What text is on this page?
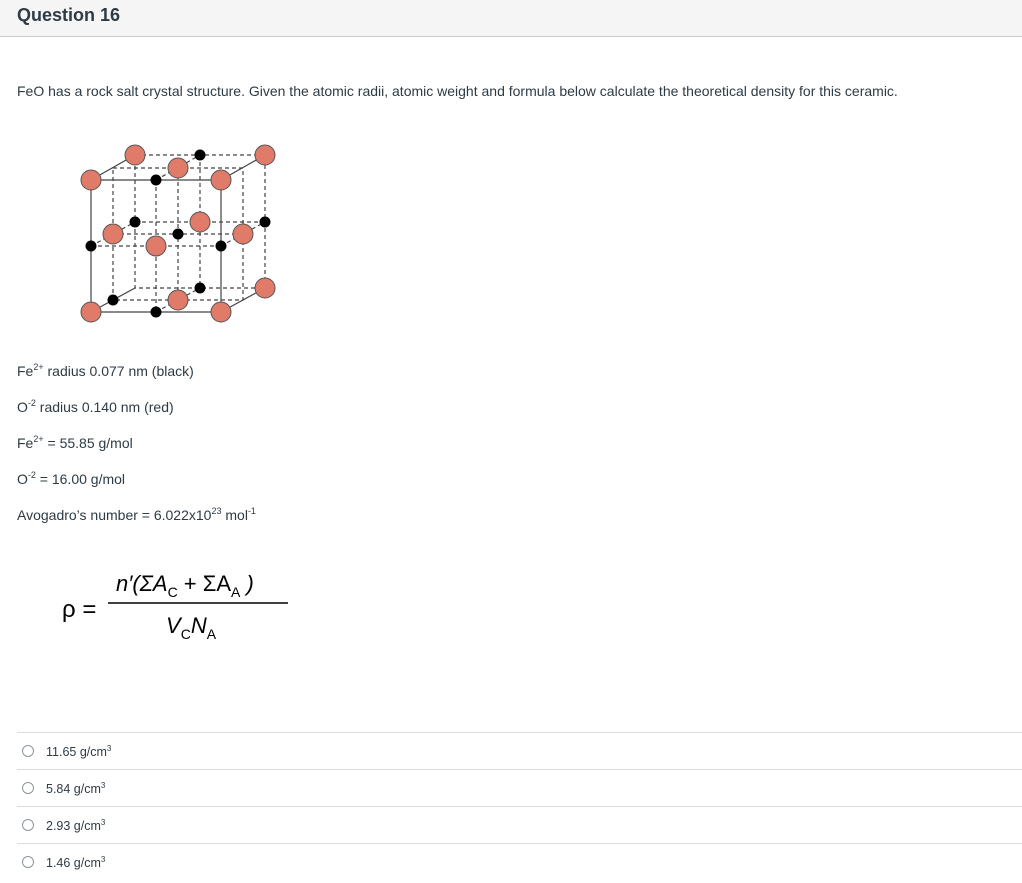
Question 16
FeO has a rock salt crystal structure. Given the atomic radii, atomic weight and formula below calculate the theoretical density for this ceramic.
$Fe^{2+}$ radius 0.077 nm (black)
$O^{-2}$ radius 0.140 nm (red)
$Fe^{2+} = 55.85$ g/mol
$O^{-2} = 16.00$ g/mol
Avogadro’s number = $6.022x10^{23}$ mol$^{-1}$
ρ =
$n'(\Sigma A_C + \Sigma A_A$ )
$V_CN_A$
11.65 $g/cm^3$
5.84 $g/cm^3$
2.93 $g/cm^3$
1.46 $g/cm^3$
